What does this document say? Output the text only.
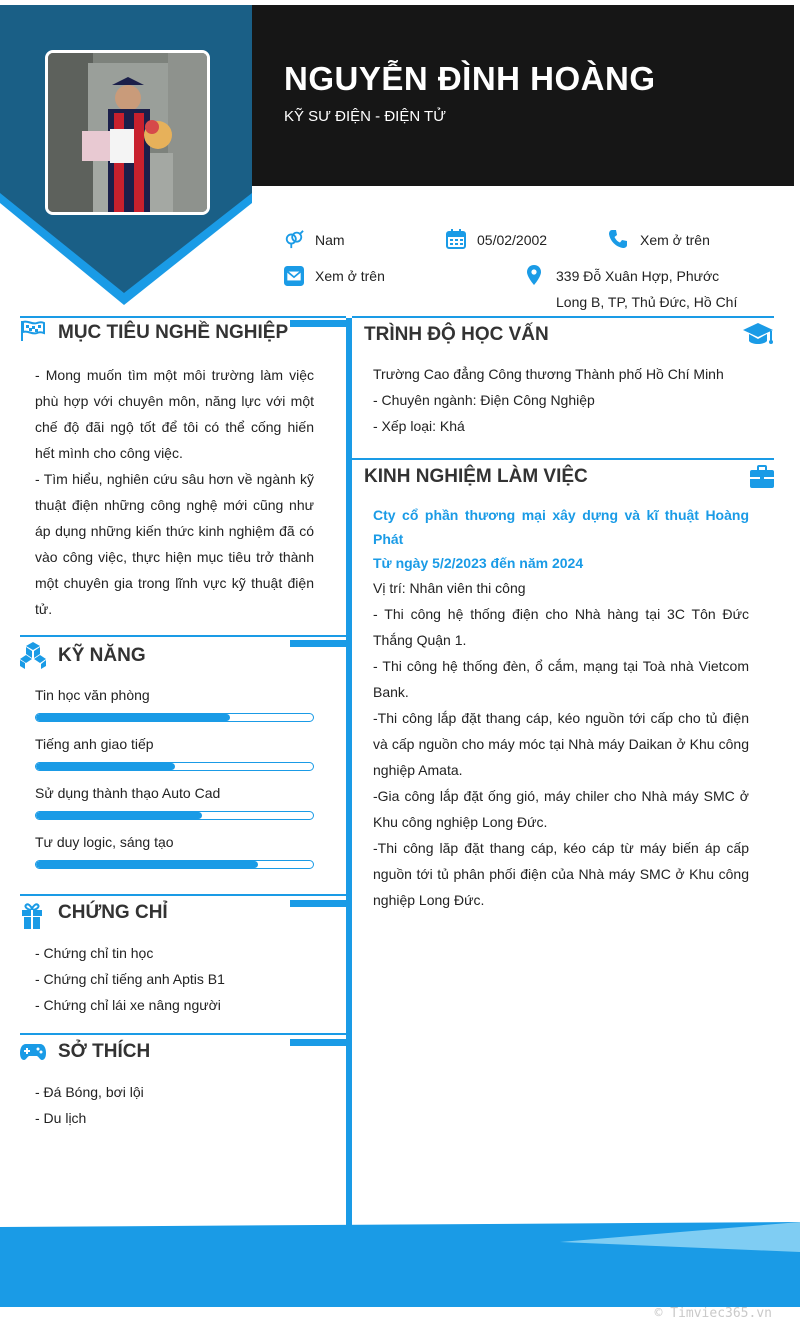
NGUYỄN ĐÌNH HOÀNG
KỸ SƯ ĐIỆN - ĐIỆN TỬ
Nam	05/02/2002	Xem ở trên
Xem ở trên	339 Đỗ Xuân Hợp, Phước
Long B, TP, Thủ Đức, Hồ Chí
MỤC TIÊU NGHỀ NGHIỆP
- Mong muốn tìm một môi trường làm việc
phù hợp với chuyên môn, năng lực với một
chế độ đãi ngộ tốt để tôi có thể cống hiến
hết mình cho công việc.
- Tìm hiểu, nghiên cứu sâu hơn về ngành kỹ
thuật điện những công nghệ mới cũng như
áp dụng những kiến thức kinh nghiệm đã có
vào công việc, thực hiện mục tiêu trở thành
một chuyên gia trong lĩnh vực kỹ thuật điện
tử.
KỸ NĂNG
Tin học văn phòng
Tiếng anh giao tiếp
Sử dụng thành thạo Auto Cad
Tư duy logic, sáng tạo
CHỨNG CHỈ
- Chứng chỉ tin học
- Chứng chỉ tiếng anh Aptis B1
- Chứng chỉ lái xe nâng người
SỞ THÍCH
- Đá Bóng, bơi lội
- Du lịch
TRÌNH ĐỘ HỌC VẤN
Trường Cao đẳng Công thương Thành phố Hồ Chí Minh
- Chuyên ngành: Điện Công Nghiệp
- Xếp loại: Khá
KINH NGHIỆM LÀM VIỆC
Cty cổ phần thương mại xây dựng và kĩ thuật Hoàng Phát
Từ ngày 5/2/2023 đến năm 2024
Vị trí: Nhân viên thi công
- Thi công hệ thống điện cho Nhà hàng tại 3C Tôn Đức
Thắng Quận 1.
- Thi công hệ thống đèn, ổ cắm, mạng tại Toà nhà Vietcom
Bank.
-Thi công lắp đặt thang cáp, kéo nguồn tới cấp cho tủ điện
và cấp nguồn cho máy móc tại Nhà máy Daikan ở Khu công
nghiệp Amata.
-Gia công lắp đặt ống gió, máy chiler cho Nhà máy SMC ở
Khu công nghiệp Long Đức.
-Thi công lăp đặt thang cáp, kéo cáp từ máy biến áp cấp
nguồn tới tủ phân phối điện của Nhà máy SMC ở Khu công
nghiệp Long Đức.
© Timviec365.vn
